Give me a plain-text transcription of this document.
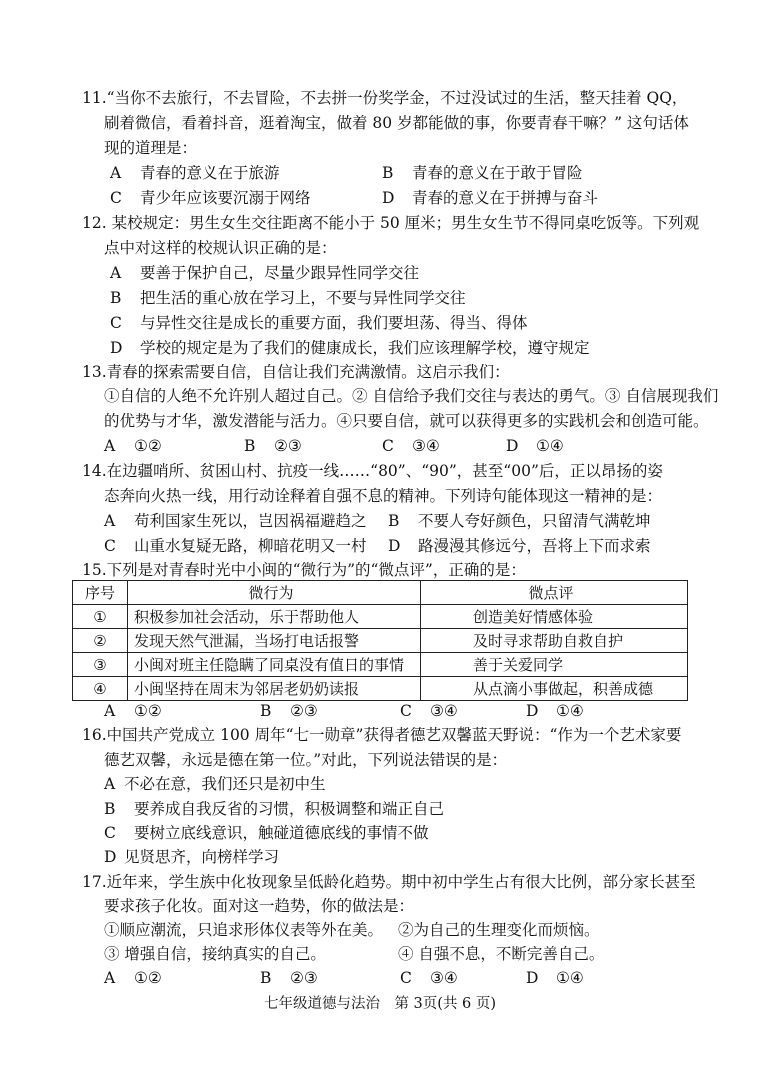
11.“当你不去旅行，不去冒险，不去拼一份奖学金，不过没试过的生活，整天挂着 QQ，
刷着微信，看着抖音，逛着淘宝，做着 80 岁都能做的事，你要青春干嘛？” 这句话体
现的道理是：
A 青春的意义在于旅游	B 青春的意义在于敢于冒险
C 青少年应该要沉溺于网络	D 青春的意义在于拼搏与奋斗
12. 某校规定：男生女生交往距离不能小于 50 厘米；男生女生节不得同桌吃饭等。下列观
点中对这样的校规认识正确的是：
A 要善于保护自己，尽量少跟异性同学交往
B 把生活的重心放在学习上，不要与异性同学交往
C 与异性交往是成长的重要方面，我们要坦荡、得当、得体
D 学校的规定是为了我们的健康成长，我们应该理解学校，遵守规定
13.青春的探索需要自信，自信让我们充满激情。这启示我们：
①自信的人绝不允许别人超过自己。② 自信给予我们交往与表达的勇气。③ 自信展现我们
的优势与才华，激发潜能与活力。④只要自信，就可以获得更多的实践机会和创造可能。
A ①②	B ②③	C ③④	D ①④
14.在边疆哨所、贫困山村、抗疫一线……“80”、“90”，甚至“00”后，正以昂扬的姿
态奔向火热一线，用行动诠释着自强不息的精神。下列诗句能体现这一精神的是：
A 苟利国家生死以，岂因祸福避趋之 B 不要人夸好颜色，只留清气满乾坤
C 山重水复疑无路，柳暗花明又一村 D 路漫漫其修远兮，吾将上下而求索
15.下列是对青春时光中小闽的“微行为”的“微点评”，正确的是：
序号	微行为	微点评
①	积极参加社会活动，乐于帮助他人	创造美好情感体验
②	发现天然气泄漏，当场打电话报警	及时寻求帮助自救自护
③	小闽对班主任隐瞒了同桌没有值日的事情	善于关爱同学
④	小闽坚持在周末为邻居老奶奶读报	从点滴小事做起，积善成德
A ①②	B ②③	C ③④	D ①④
16.中国共产党成立 100 周年“七一勋章”获得者德艺双馨蓝天野说：“作为一个艺术家要
德艺双馨，永远是德在第一位。”对此，下列说法错误的是：
A 不必在意，我们还只是初中生
B 要养成自我反省的习惯，积极调整和端正自己
C 要树立底线意识，触碰道德底线的事情不做
D 见贤思齐，向榜样学习
17.近年来，学生族中化妆现象呈低龄化趋势。期中初中学生占有很大比例，部分家长甚至
要求孩子化妆。面对这一趋势，你的做法是：
①顺应潮流，只追求形体仪表等外在美。 ②为自己的生理变化而烦恼。
③ 增强自信，接纳真实的自己。	④ 自强不息，不断完善自己。
A ①②	B ②③	C ③④	D ①④
七年级道德与法治　第 3页(共 6 页)
